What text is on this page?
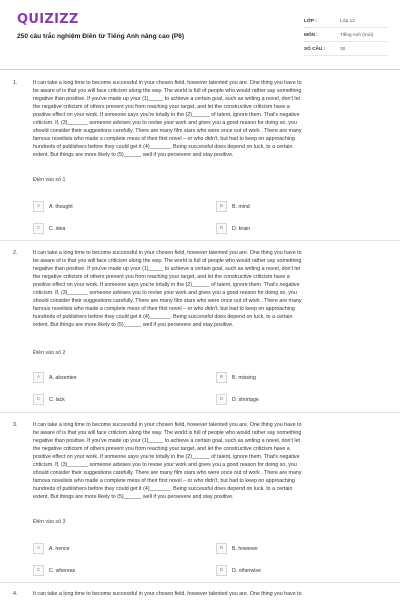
QUIZIZZ
250 câu trắc nghiệm Điền từ Tiếng Anh nâng cao (P6)
LỚP :	Lớp 12
MÔN :	Tiếng Anh (mới)
SỐ CÂU :	30
1.	It can take a long time to become successful in your chosen field, however talented you are. One thing you have to
be aware of is that you will face criticism along the way. The world is full of people who would rather say something
negative than positive. If you've made up your (1)_____ to achieve a certain goal, such as writing a novel, don't let
the negative criticism of others prevent you from reaching your target, and let the constructive criticism have a
positive effect on your work. If someone says you're totally in the (2)______ of talent, ignore them. That's negative
criticism. If, (3)_______ someone advises you to revise your work and gives you a good reason for doing so, you
should consider their suggestions carefully. There are many film stars who were once out of work . There are many
famous novelists who made a complete mess of their first novel – or who didn't, but had to keep on approaching
hundreds of publishers before they could get it (4)_______. Being successful does depend on luck, to a certain
extent. But things are more likely to (5)______ well if you persevere and stay positive.
Điền vào số 1
A	A. thought	B	B. mind
C	C. idea	D	D. brain
2.	It can take a long time to become successful in your chosen field, however talented you are. One thing you have to
be aware of is that you will face criticism along the way. The world is full of people who would rather say something
negative than positive. If you've made up your (1)_____ to achieve a certain goal, such as writing a novel, don't let
the negative criticism of others prevent you from reaching your target, and let the constructive criticism have a
positive effect on your work. If someone says you're totally in the (2)______ of talent, ignore them. That's negative
criticism. If, (3)_______ someone advises you to revise your work and gives you a good reason for doing so, you
should consider their suggestions carefully. There are many film stars who were once out of work . There are many
famous novelists who made a complete mess of their first novel – or who didn't, but had to keep on approaching
hundreds of publishers before they could get it (4)_______. Being successful does depend on luck, to a certain
extent. But things are more likely to (5)______ well if you persevere and stay positive.
Điền vào số 2
A	A. absentee	B	B. missing
C	C. lack	D	D. shortage
3.	It can take a long time to become successful in your chosen field, however talented you are. One thing you have to
be aware of is that you will face criticism along the way. The world is full of people who would rather say something
negative than positive. If you've made up your (1)_____ to achieve a certain goal, such as writing a novel, don't let
the negative criticism of others prevent you from reaching your target, and let the constructive criticism have a
positive effect on your work. If someone says you're totally in the (2)______ of talent, ignore them. That's negative
criticism. If, (3)_______ someone advises you to revise your work and gives you a good reason for doing so, you
should consider their suggestions carefully. There are many film stars who were once out of work . There are many
famous novelists who made a complete mess of their first novel – or who didn't, but had to keep on approaching
hundreds of publishers before they could get it (4)_______. Being successful does depend on luck, to a certain
extent. But things are more likely to (5)______ well if you persevere and stay positive.
Điền vào số 3
A	A. hence	B	B. however
C	C. whereas	D	D. otherwise
4.	It can take a long time to become successful in your chosen field, however talented you are. One thing you have to
